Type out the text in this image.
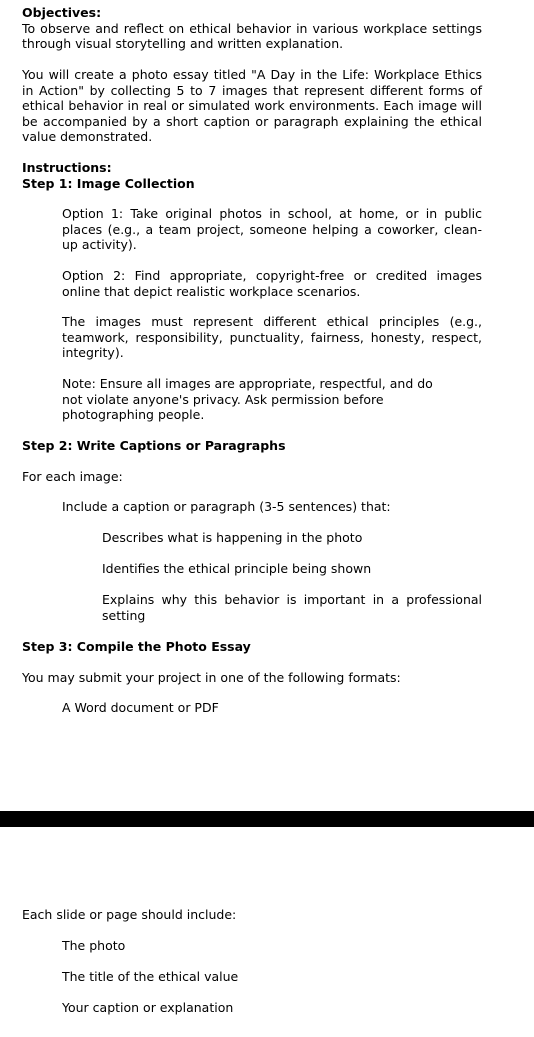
Objectives:

To observe and reflect on ethical behavior in various workplace settings through visual storytelling and written explanation.

You will create a photo essay titled "A Day in the Life: Workplace Ethics in Action" by collecting 5 to 7 images that represent different forms of ethical behavior in real or simulated work environments. Each image will be accompanied by a short caption or paragraph explaining the ethical value demonstrated.

Instructions:

Step 1: Image Collection

Option 1: Take original photos in school, at home, or in public places (e.g., a team project, someone helping a coworker, clean-up activity).

Option 2: Find appropriate, copyright-free or credited images online that depict realistic workplace scenarios.

The images must represent different ethical principles (e.g., teamwork, responsibility, punctuality, fairness, honesty, respect, integrity).

Note: Ensure all images are appropriate, respectful, and do not violate anyone's privacy. Ask permission before photographing people.

Step 2: Write Captions or Paragraphs

For each image:

Include a caption or paragraph (3-5 sentences) that:

Describes what is happening in the photo

Identifies the ethical principle being shown

Explains why this behavior is important in a professional setting

Step 3: Compile the Photo Essay

You may submit your project in one of the following formats:

A Word document or PDF

Each slide or page should include:

The photo

The title of the ethical value

Your caption or explanation
